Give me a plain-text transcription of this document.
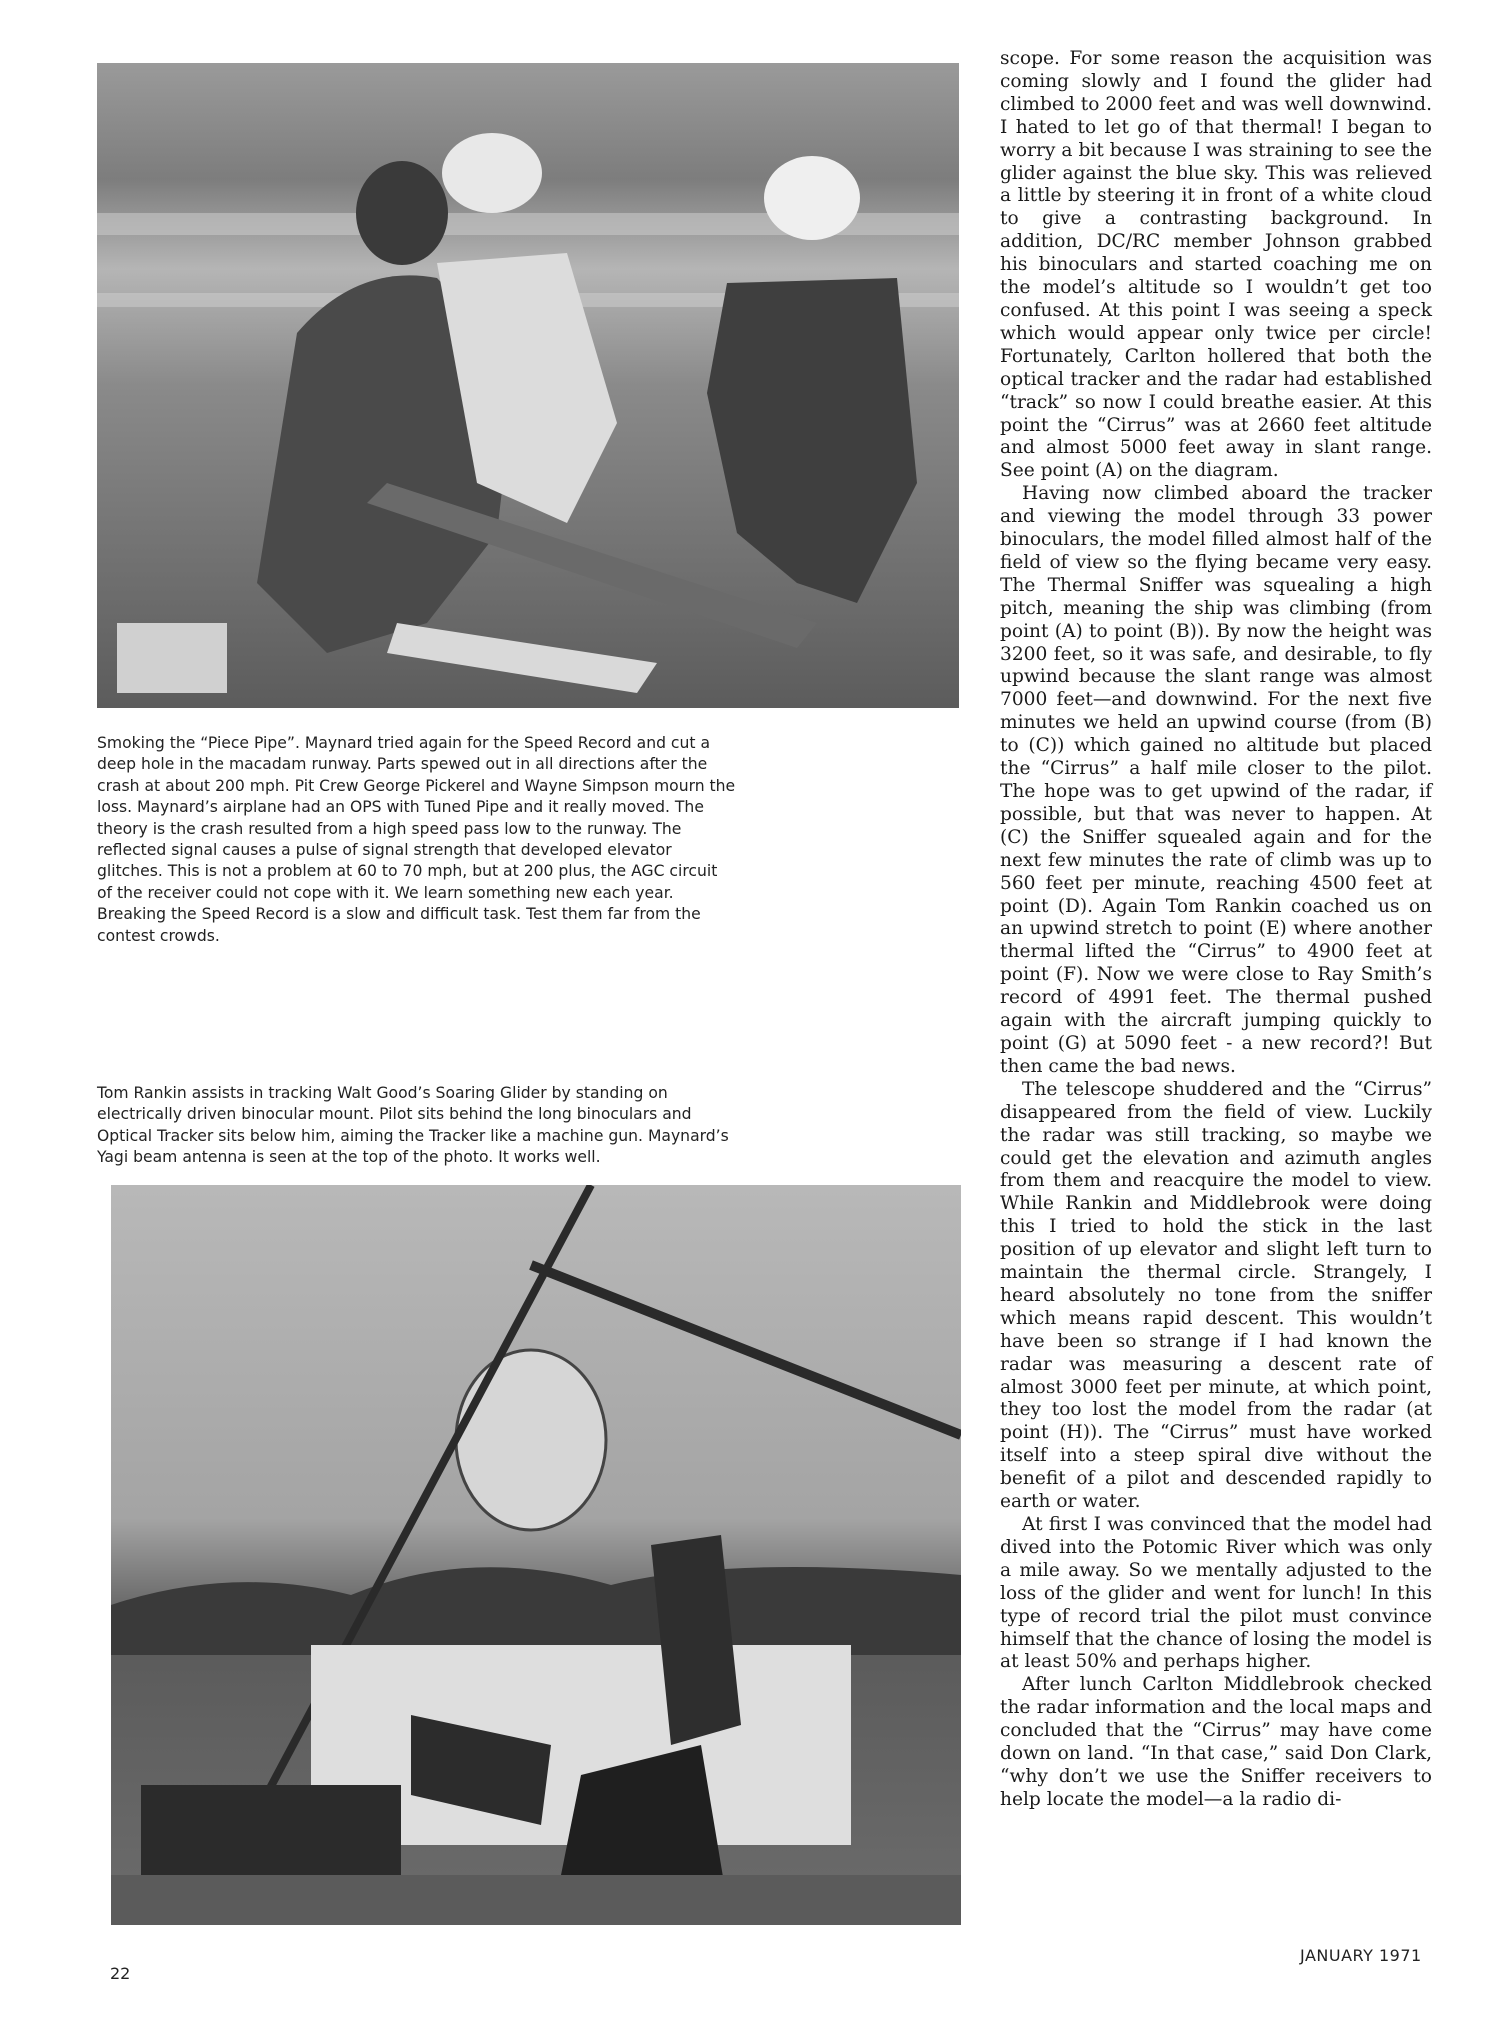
Smoking the “Piece Pipe”. Maynard tried again for the Speed Record and cut a deep hole in the macadam runway. Parts spewed out in all directions after the crash at about 200 mph. Pit Crew George Pickerel and Wayne Simpson mourn the loss. Maynard’s airplane had an OPS with Tuned Pipe and it really moved. The theory is the crash resulted from a high speed pass low to the runway. The reflected signal causes a pulse of signal strength that developed elevator glitches. This is not a problem at 60 to 70 mph, but at 200 plus, the AGC circuit of the receiver could not cope with it. We learn something new each year. Breaking the Speed Record is a slow and difficult task. Test them far from the contest crowds.

Tom Rankin assists in tracking Walt Good’s Soaring Glider by standing on electrically driven binocular mount. Pilot sits behind the long binoculars and Optical Tracker sits below him, aiming the Tracker like a machine gun. Maynard’s Yagi beam antenna is seen at the top of the photo. It works well.

scope. For some reason the acquisition was coming slowly and I found the glider had climbed to 2000 feet and was well downwind. I hated to let go of that thermal! I began to worry a bit because I was straining to see the glider against the blue sky. This was relieved a little by steering it in front of a white cloud to give a contrasting background. In addition, DC/RC member Johnson grabbed his binoculars and started coaching me on the model’s altitude so I wouldn’t get too confused. At this point I was seeing a speck which would appear only twice per circle! Fortunately, Carlton hollered that both the optical tracker and the radar had established “track” so now I could breathe easier. At this point the “Cirrus” was at 2660 feet altitude and almost 5000 feet away in slant range. See point (A) on the diagram.

Having now climbed aboard the tracker and viewing the model through 33 power binoculars, the model filled almost half of the field of view so the flying became very easy. The Thermal Sniffer was squealing a high pitch, meaning the ship was climbing (from point (A) to point (B)). By now the height was 3200 feet, so it was safe, and desirable, to fly upwind because the slant range was almost 7000 feet—and downwind. For the next five minutes we held an upwind course (from (B) to (C)) which gained no altitude but placed the “Cirrus” a half mile closer to the pilot. The hope was to get upwind of the radar, if possible, but that was never to happen. At (C) the Sniffer squealed again and for the next few minutes the rate of climb was up to 560 feet per minute, reaching 4500 feet at point (D). Again Tom Rankin coached us on an upwind stretch to point (E) where another thermal lifted the “Cirrus” to 4900 feet at point (F). Now we were close to Ray Smith’s record of 4991 feet. The thermal pushed again with the aircraft jumping quickly to point (G) at 5090 feet - a new record?! But then came the bad news.

The telescope shuddered and the “Cirrus” disappeared from the field of view. Luckily the radar was still tracking, so maybe we could get the elevation and azimuth angles from them and reacquire the model to view. While Rankin and Middlebrook were doing this I tried to hold the stick in the last position of up elevator and slight left turn to maintain the thermal circle. Strangely, I heard absolutely no tone from the sniffer which means rapid descent. This wouldn’t have been so strange if I had known the radar was measuring a descent rate of almost 3000 feet per minute, at which point, they too lost the model from the radar (at point (H)). The “Cirrus” must have worked itself into a steep spiral dive without the benefit of a pilot and descended rapidly to earth or water.

At first I was convinced that the model had dived into the Potomic River which was only a mile away. So we mentally adjusted to the loss of the glider and went for lunch! In this type of record trial the pilot must convince himself that the chance of losing the model is at least 50% and perhaps higher.

After lunch Carlton Middlebrook checked the radar information and the local maps and concluded that the “Cirrus” may have come down on land. “In that case,” said Don Clark, “why don’t we use the Sniffer receivers to help locate the model—a la radio di-

22
JANUARY 1971
